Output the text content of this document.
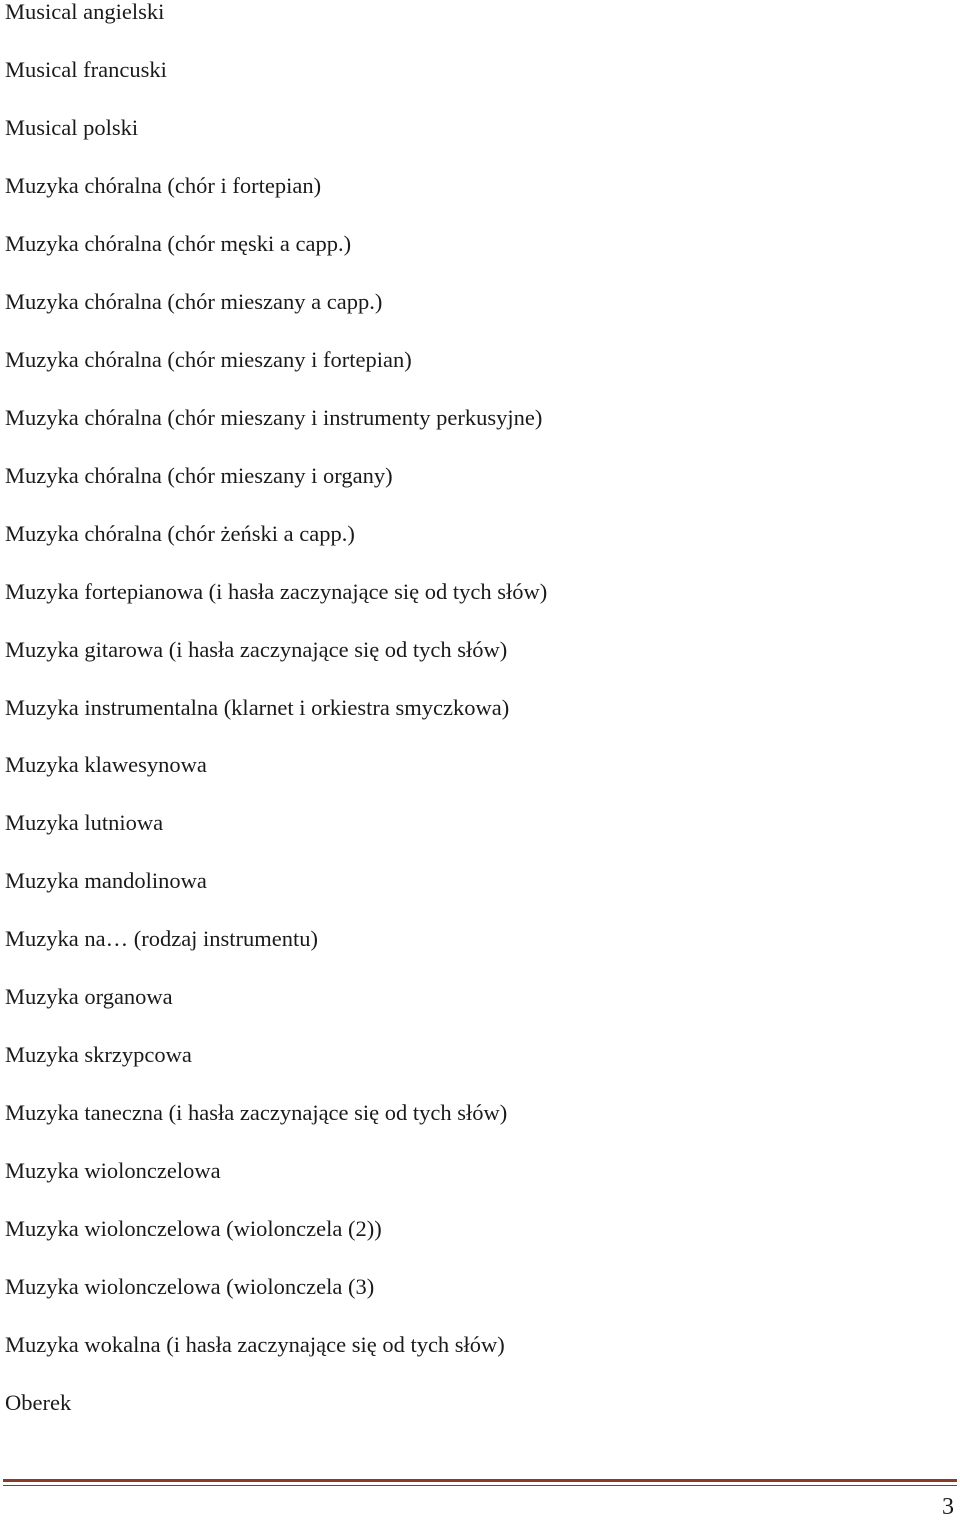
Musical angielski
Musical francuski
Musical polski
Muzyka chóralna (chór i fortepian)
Muzyka chóralna (chór męski a capp.)
Muzyka chóralna (chór mieszany a capp.)
Muzyka chóralna (chór mieszany i fortepian)
Muzyka chóralna (chór mieszany i instrumenty perkusyjne)
Muzyka chóralna (chór mieszany i organy)
Muzyka chóralna (chór żeński a capp.)
Muzyka fortepianowa (i hasła zaczynające się od tych słów)
Muzyka gitarowa (i hasła zaczynające się od tych słów)
Muzyka instrumentalna (klarnet i orkiestra smyczkowa)
Muzyka klawesynowa
Muzyka lutniowa
Muzyka mandolinowa
Muzyka na… (rodzaj instrumentu)
Muzyka organowa
Muzyka skrzypcowa
Muzyka taneczna (i hasła zaczynające się od tych słów)
Muzyka wiolonczelowa
Muzyka wiolonczelowa (wiolonczela (2))
Muzyka wiolonczelowa (wiolonczela (3)
Muzyka wokalna (i hasła zaczynające się od tych słów)
Oberek
3
